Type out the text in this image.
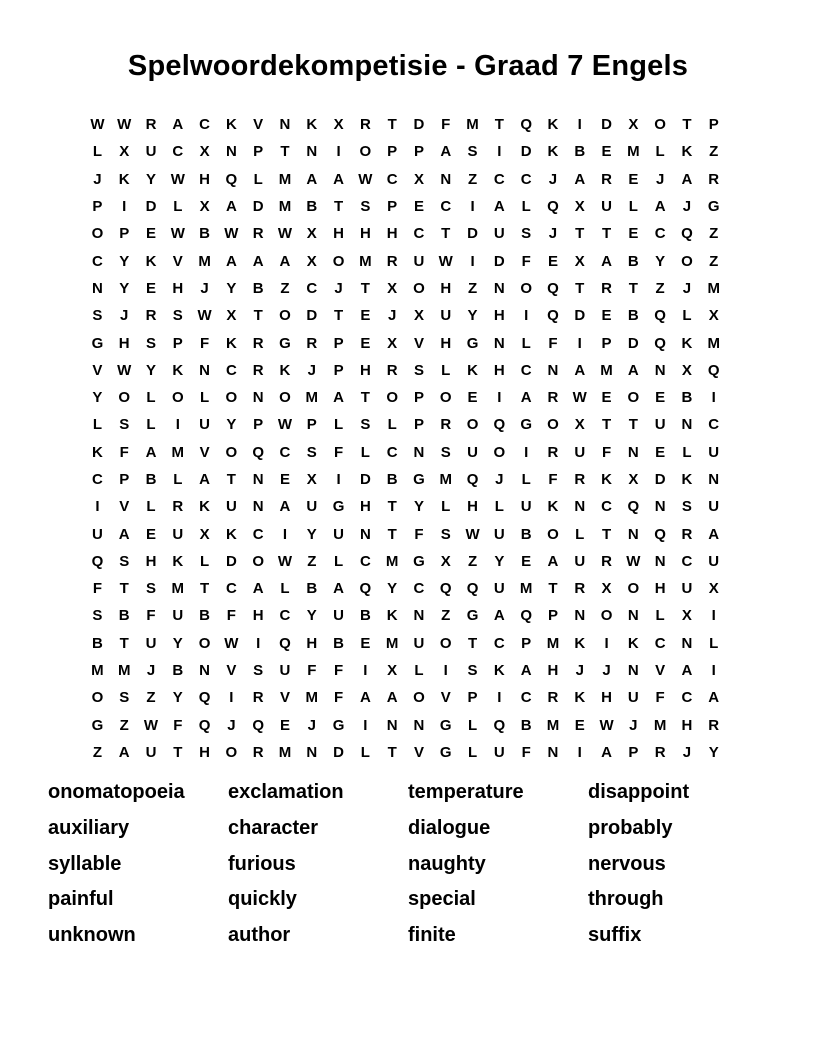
Spelwoordekompetisie - Graad 7 Engels
W W R	A	C	K	V	N	K	X	R	T	D	F	M	T	Q	K	I	D	X	O	T	P
L	X	U	C	X	N	P	T	N	I	O	P	P	A	S	I	D	K	B	E	M	L	K	Z
J	K	Y W H	Q	L	M	A	A W C	X	N	Z	C	C	J	A	R	E	J	A	R
P	I	D	L	X	A	D	M	B	T	S	P	E	C	I	A	L	Q	X	U	L	A	J	G
O	P	E W B W R W X	H	H	H	C	T	D	U	S	J	T	T	E	C	Q	Z
C	Y	K	V	M	A	A	A	X	O M	R	U W	I	D	F	E	X	A	B	Y	O	Z
N	Y	E	H	J	Y	B	Z	C	J	T	X	O	H	Z	N	O	Q	T	R	T	Z	J	M
S	J	R	S W X	T	O	D	T	E	J	X	U	Y	H	I	Q	D	E	B	Q	L	X
G	H	S	P	F	K	R	G	R	P	E	X	V	H	G	N	L	F	I	P	D	Q	K	M
V W Y	K	N	C	R	K	J	P	H	R	S	L	K	H	C	N	A	M	A	N	X	Q
Y	O	L	O	L	O	N	O M	A	T	O	P	O	E	I	A	R W E	O	E	B	I
L	S	L	I	U	Y	P W P	L	S	L	P	R	O	Q	G	O	X	T	T	U	N	C
K	F	A	M	V	O	Q	C	S	F	L	C	N	S	U	O	I	R	U	F	N	E	L	U
C	P	B	L	A	T	N	E	X	I	D	B	G M Q	J	L	F	R	K	X	D	K	N
I	V	L	R	K	U	N	A	U	G	H	T	Y	L	H	L	U	K	N	C	Q	N	S	U
U	A	E	U	X	K	C	I	Y	U	N	T	F	S W U	B	O	L	T	N	Q	R	A
Q	S	H	K	L	D	O W	Z	L	C	M G	X	Z	Y	E	A	U	R W N	C	U
F	T	S	M	T	C	A	L	B	A	Q	Y	C	Q	Q	U	M	T	R	X	O	H	U	X
S	B	F	U	B	F	H	C	Y	U	B	K	N	Z	G	A	Q	P	N	O	N	L	X	I
B	T	U	Y	O W	I	Q	H	B	E	M	U	O	T	C	P	M	K	I	K	C	N	L
M M	J	B	N	V	S	U	F	F	I	X	L	I	S	K	A	H	J	J	N	V	A	I
O	S	Z	Y	Q	I	R	V	M	F	A	A	O	V	P	I	C	R	K	H	U	F	C	A
G	Z	W	F	Q	J	Q	E	J	G	I	N	N	G	L	Q	B	M	E W	J	M	H	R
Z	A	U	T	H	O	R	M	N	D	L	T	V	G	L	U	F	N	I	A	P	R	J	Y
onomatopoeia	exclamation	temperature	disappoint
auxiliary	character	dialogue	probably
syllable	furious	naughty	nervous
painful	quickly	special	through
unknown	author	finite	suffix
